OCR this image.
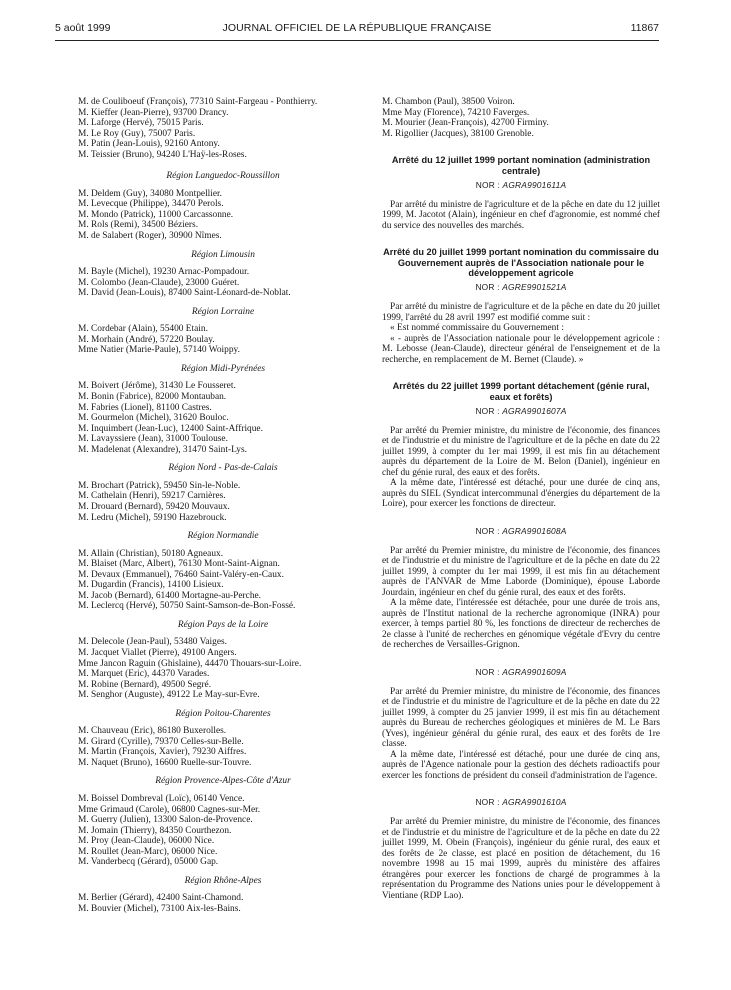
5 août 1999	JOURNAL OFFICIEL DE LA RÉPUBLIQUE FRANÇAISE	11867
M. de Couliboeuf (François), 77310 Saint-Fargeau - Ponthierry.
M. Kieffer (Jean-Pierre), 93700 Drancy.
M. Laforge (Hervé), 75015 Paris.
M. Le Roy (Guy), 75007 Paris.
M. Patin (Jean-Louis), 92160 Antony.
M. Teissier (Bruno), 94240 L'Haÿ-les-Roses.
Région Languedoc-Roussillon
M. Deldem (Guy), 34080 Montpellier.
M. Levecque (Philippe), 34470 Perols.
M. Mondo (Patrick), 11000 Carcassonne.
M. Rols (Remi), 34500 Béziers.
M. de Salabert (Roger), 30900 Nîmes.
Région Limousin
M. Bayle (Michel), 19230 Arnac-Pompadour.
M. Colombo (Jean-Claude), 23000 Guéret.
M. David (Jean-Louis), 87400 Saint-Léonard-de-Noblat.
Région Lorraine
M. Cordebar (Alain), 55400 Etain.
M. Morhain (André), 57220 Boulay.
Mme Natier (Marie-Paule), 57140 Woippy.
Région Midi-Pyrénées
M. Boivert (Jérôme), 31430 Le Fousseret.
M. Bonin (Fabrice), 82000 Montauban.
M. Fabries (Lionel), 81100 Castres.
M. Gourmelon (Michel), 31620 Bouloc.
M. Inquimbert (Jean-Luc), 12400 Saint-Affrique.
M. Lavayssiere (Jean), 31000 Toulouse.
M. Madelenat (Alexandre), 31470 Saint-Lys.
Région Nord - Pas-de-Calais
M. Brochart (Patrick), 59450 Sin-le-Noble.
M. Cathelain (Henri), 59217 Carnières.
M. Drouard (Bernard), 59420 Mouvaux.
M. Ledru (Michel), 59190 Hazebrouck.
Région Normandie
M. Allain (Christian), 50180 Agneaux.
M. Blaiset (Marc, Albert), 76130 Mont-Saint-Aignan.
M. Devaux (Emmanuel), 76460 Saint-Valéry-en-Caux.
M. Dugardin (Francis), 14100 Lisieux.
M. Jacob (Bernard), 61400 Mortagne-au-Perche.
M. Leclercq (Hervé), 50750 Saint-Samson-de-Bon-Fossé.
Région Pays de la Loire
M. Delecole (Jean-Paul), 53480 Vaiges.
M. Jacquet Viallet (Pierre), 49100 Angers.
Mme Jancon Raguin (Ghislaine), 44470 Thouars-sur-Loire.
M. Marquet (Eric), 44370 Varades.
M. Robine (Bernard), 49500 Segré.
M. Senghor (Auguste), 49122 Le May-sur-Evre.
Région Poitou-Charentes
M. Chauveau (Eric), 86180 Buxerolles.
M. Girard (Cyrille), 79370 Celles-sur-Belle.
M. Martin (François, Xavier), 79230 Aiffres.
M. Naquet (Bruno), 16600 Ruelle-sur-Touvre.
Région Provence-Alpes-Côte d'Azur
M. Boissel Dombreval (Loïc), 06140 Vence.
Mme Grimaud (Carole), 06800 Cagnes-sur-Mer.
M. Guerry (Julien), 13300 Salon-de-Provence.
M. Jomain (Thierry), 84350 Courthezon.
M. Proy (Jean-Claude), 06000 Nice.
M. Roullet (Jean-Marc), 06000 Nice.
M. Vanderbecq (Gérard), 05000 Gap.
Région Rhône-Alpes
M. Berlier (Gérard), 42400 Saint-Chamond.
M. Bouvier (Michel), 73100 Aix-les-Bains.
M. Chambon (Paul), 38500 Voiron.
Mme May (Florence), 74210 Faverges.
M. Mourier (Jean-François), 42700 Firminy.
M. Rigollier (Jacques), 38100 Grenoble.
Arrêté du 12 juillet 1999 portant nomination (administration centrale)
NOR : AGRA9901611A

Par arrêté du ministre de l'agriculture et de la pêche en date du 12 juillet 1999, M. Jacotot (Alain), ingénieur en chef d'agronomie, est nommé chef du service des nouvelles des marchés.

Arrêté du 20 juillet 1999 portant nomination du commissaire du Gouvernement auprès de l'Association nationale pour le développement agricole
NOR : AGRE9901521A

Par arrêté du ministre de l'agriculture et de la pêche en date du 20 juillet 1999, l'arrêté du 28 avril 1997 est modifié comme suit :

« Est nommé commissaire du Gouvernement :

« - auprès de l'Association nationale pour le développement agricole : M. Lebosse (Jean-Claude), directeur général de l'enseignement et de la recherche, en remplacement de M. Bernet (Claude). »

Arrêtés du 22 juillet 1999 portant détachement (génie rural, eaux et forêts)
NOR : AGRA9901607A

Par arrêté du Premier ministre, du ministre de l'économie, des finances et de l'industrie et du ministre de l'agriculture et de la pêche en date du 22 juillet 1999, à compter du 1er mai 1999, il est mis fin au détachement auprès du département de la Loire de M. Belon (Daniel), ingénieur en chef du génie rural, des eaux et des forêts.

A la même date, l'intéressé est détaché, pour une durée de cinq ans, auprès du SIEL (Syndicat intercommunal d'énergies du département de la Loire), pour exercer les fonctions de directeur.

NOR : AGRA9901608A

Par arrêté du Premier ministre, du ministre de l'économie, des finances et de l'industrie et du ministre de l'agriculture et de la pêche en date du 22 juillet 1999, à compter du 1er mai 1999, il est mis fin au détachement auprès de l'ANVAR de Mme Laborde (Dominique), épouse Laborde Jourdain, ingénieur en chef du génie rural, des eaux et des forêts.

A la même date, l'intéressée est détachée, pour une durée de trois ans, auprès de l'Institut national de la recherche agronomique (INRA) pour exercer, à temps partiel 80 %, les fonctions de directeur de recherches de 2e classe à l'unité de recherches en génomique végétale d'Evry du centre de recherches de Versailles-Grignon.

NOR : AGRA9901609A

Par arrêté du Premier ministre, du ministre de l'économie, des finances et de l'industrie et du ministre de l'agriculture et de la pêche en date du 22 juillet 1999, à compter du 25 janvier 1999, il est mis fin au détachement auprès du Bureau de recherches géologiques et minières de M. Le Bars (Yves), ingénieur général du génie rural, des eaux et des forêts de 1re classe.

A la même date, l'intéressé est détaché, pour une durée de cinq ans, auprès de l'Agence nationale pour la gestion des déchets radioactifs pour exercer les fonctions de président du conseil d'administration de l'agence.

NOR : AGRA9901610A

Par arrêté du Premier ministre, du ministre de l'économie, des finances et de l'industrie et du ministre de l'agriculture et de la pêche en date du 22 juillet 1999, M. Obein (François), ingénieur du génie rural, des eaux et des forêts de 2e classe, est placé en position de détachement, du 16 novembre 1998 au 15 mai 1999, auprès du ministère des affaires étrangères pour exercer les fonctions de chargé de programmes à la représentation du Programme des Nations unies pour le développement à Vientiane (RDP Lao).
